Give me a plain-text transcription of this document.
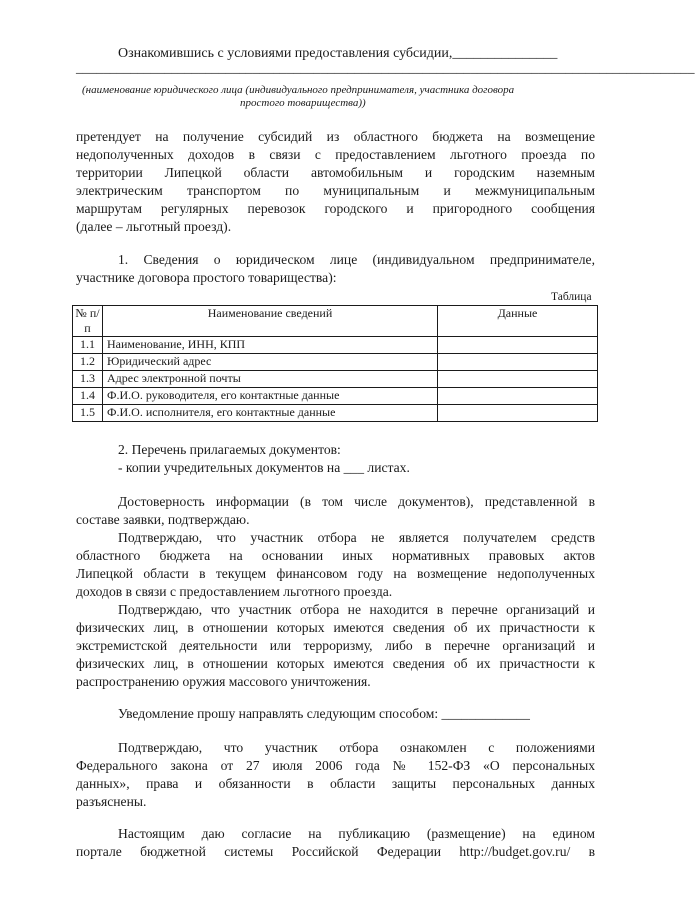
Ознакомившись с условиями предоставления субсидии,_______________
___________________________________________________________________________________________
(наименование юридического лица (индивидуального предпринимателя, участника договора
простого товарищества))
претендует на получение субсидий из областного бюджета на возмещение
недополученных доходов в связи с предоставлением льготного проезда по
территории Липецкой области автомобильным и городским наземным
электрическим транспортом по муниципальным и межмуниципальным
маршрутам регулярных перевозок городского и пригородного сообщения
(далее – льготный проезд).
1. Сведения о юридическом лице (индивидуальном предпринимателе,
участнике договора простого товарищества):
Таблица
№ п/п	Наименование сведений	Данные
1.1	Наименование, ИНН, КПП	
1.2	Юридический адрес	
1.3	Адрес электронной почты	
1.4	Ф.И.О. руководителя, его контактные данные	
1.5	Ф.И.О. исполнителя, его контактные данные	
2. Перечень прилагаемых документов:
- копии учредительных документов на ___ листах.
Достоверность информации (в том числе документов), представленной в
составе заявки, подтверждаю.
Подтверждаю, что участник отбора не является получателем средств
областного бюджета на основании иных нормативных правовых актов
Липецкой области в текущем финансовом году на возмещение недополученных
доходов в связи с предоставлением льготного проезда.
Подтверждаю, что участник отбора не находится в перечне организаций и
физических лиц, в отношении которых имеются сведения об их причастности к
экстремистской деятельности или терроризму, либо в перечне организаций и
физических лиц, в отношении которых имеются сведения об их причастности к
распространению оружия массового уничтожения.
Уведомление прошу направлять следующим способом: _____________
Подтверждаю, что участник отбора ознакомлен с положениями
Федерального закона от 27 июля 2006 года № 152-ФЗ «О персональных
данных», права и обязанности в области защиты персональных данных
разъяснены.
Настоящим даю согласие на публикацию (размещение) на едином
портале бюджетной системы Российской Федерации http://budget.gov.ru/ в
